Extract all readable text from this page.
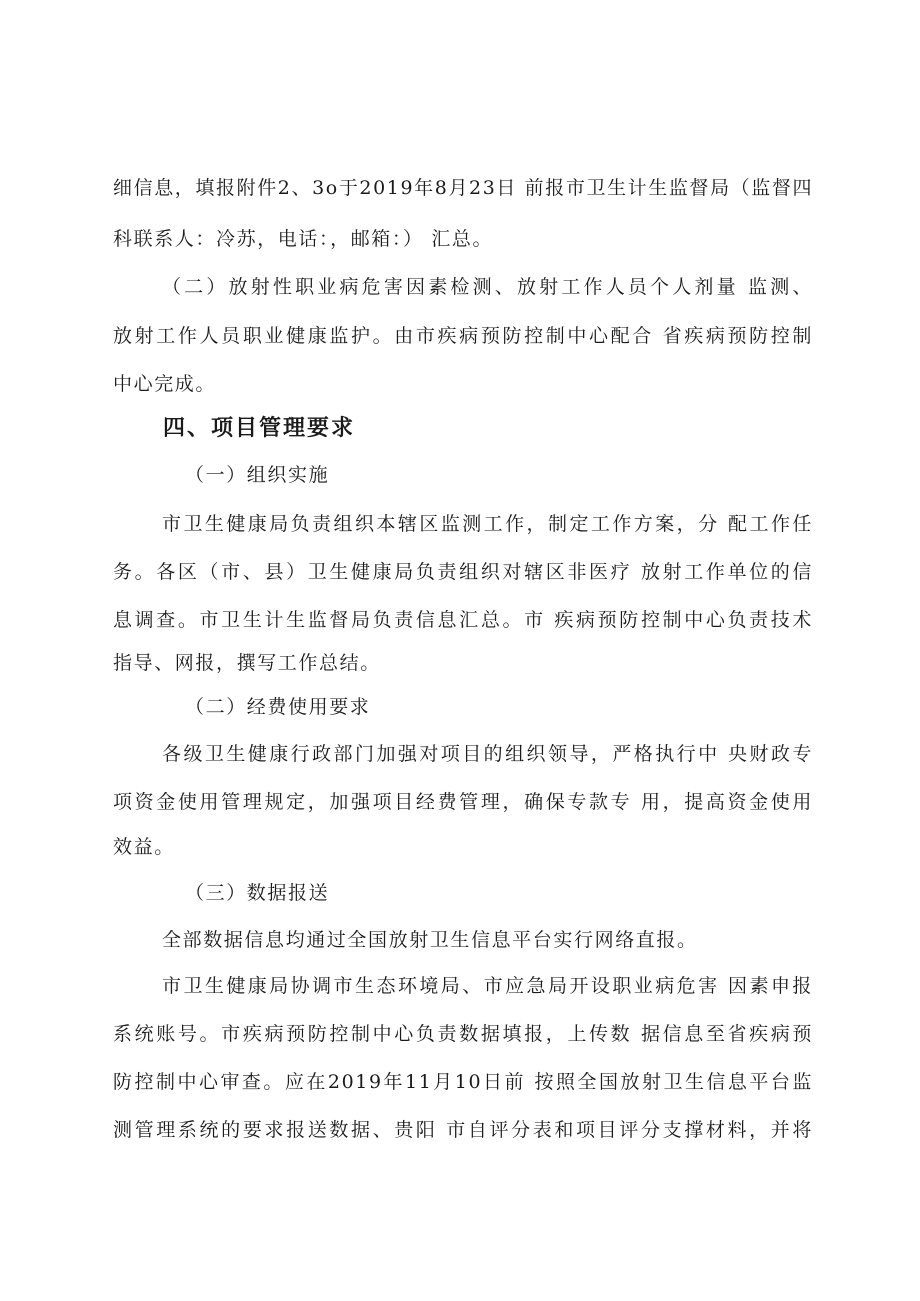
细信息，填报附件2、3o于2019年8月23日 前报市卫生计生监督局（监督四
科联系人：冷苏，电话：，邮箱：） 汇总。
（二）放射性职业病危害因素检测、放射工作人员个人剂量 监测、
放射工作人员职业健康监护。由市疾病预防控制中心配合 省疾病预防控制
中心完成。
四、项目管理要求
（一）组织实施
市卫生健康局负责组织本辖区监测工作，制定工作方案，分 配工作任
务。各区（市、县）卫生健康局负责组织对辖区非医疗 放射工作单位的信
息调查。市卫生计生监督局负责信息汇总。市 疾病预防控制中心负责技术
指导、网报，撰写工作总结。
（二）经费使用要求
各级卫生健康行政部门加强对项目的组织领导，严格执行中 央财政专
项资金使用管理规定，加强项目经费管理，确保专款专 用，提高资金使用
效益。
（三）数据报送
全部数据信息均通过全国放射卫生信息平台实行网络直报。
市卫生健康局协调市生态环境局、市应急局开设职业病危害 因素申报
系统账号。市疾病预防控制中心负责数据填报，上传数 据信息至省疾病预
防控制中心审查。应在2019年11月10日前 按照全国放射卫生信息平台监
测管理系统的要求报送数据、贵阳 市自评分表和项目评分支撑材料，并将
